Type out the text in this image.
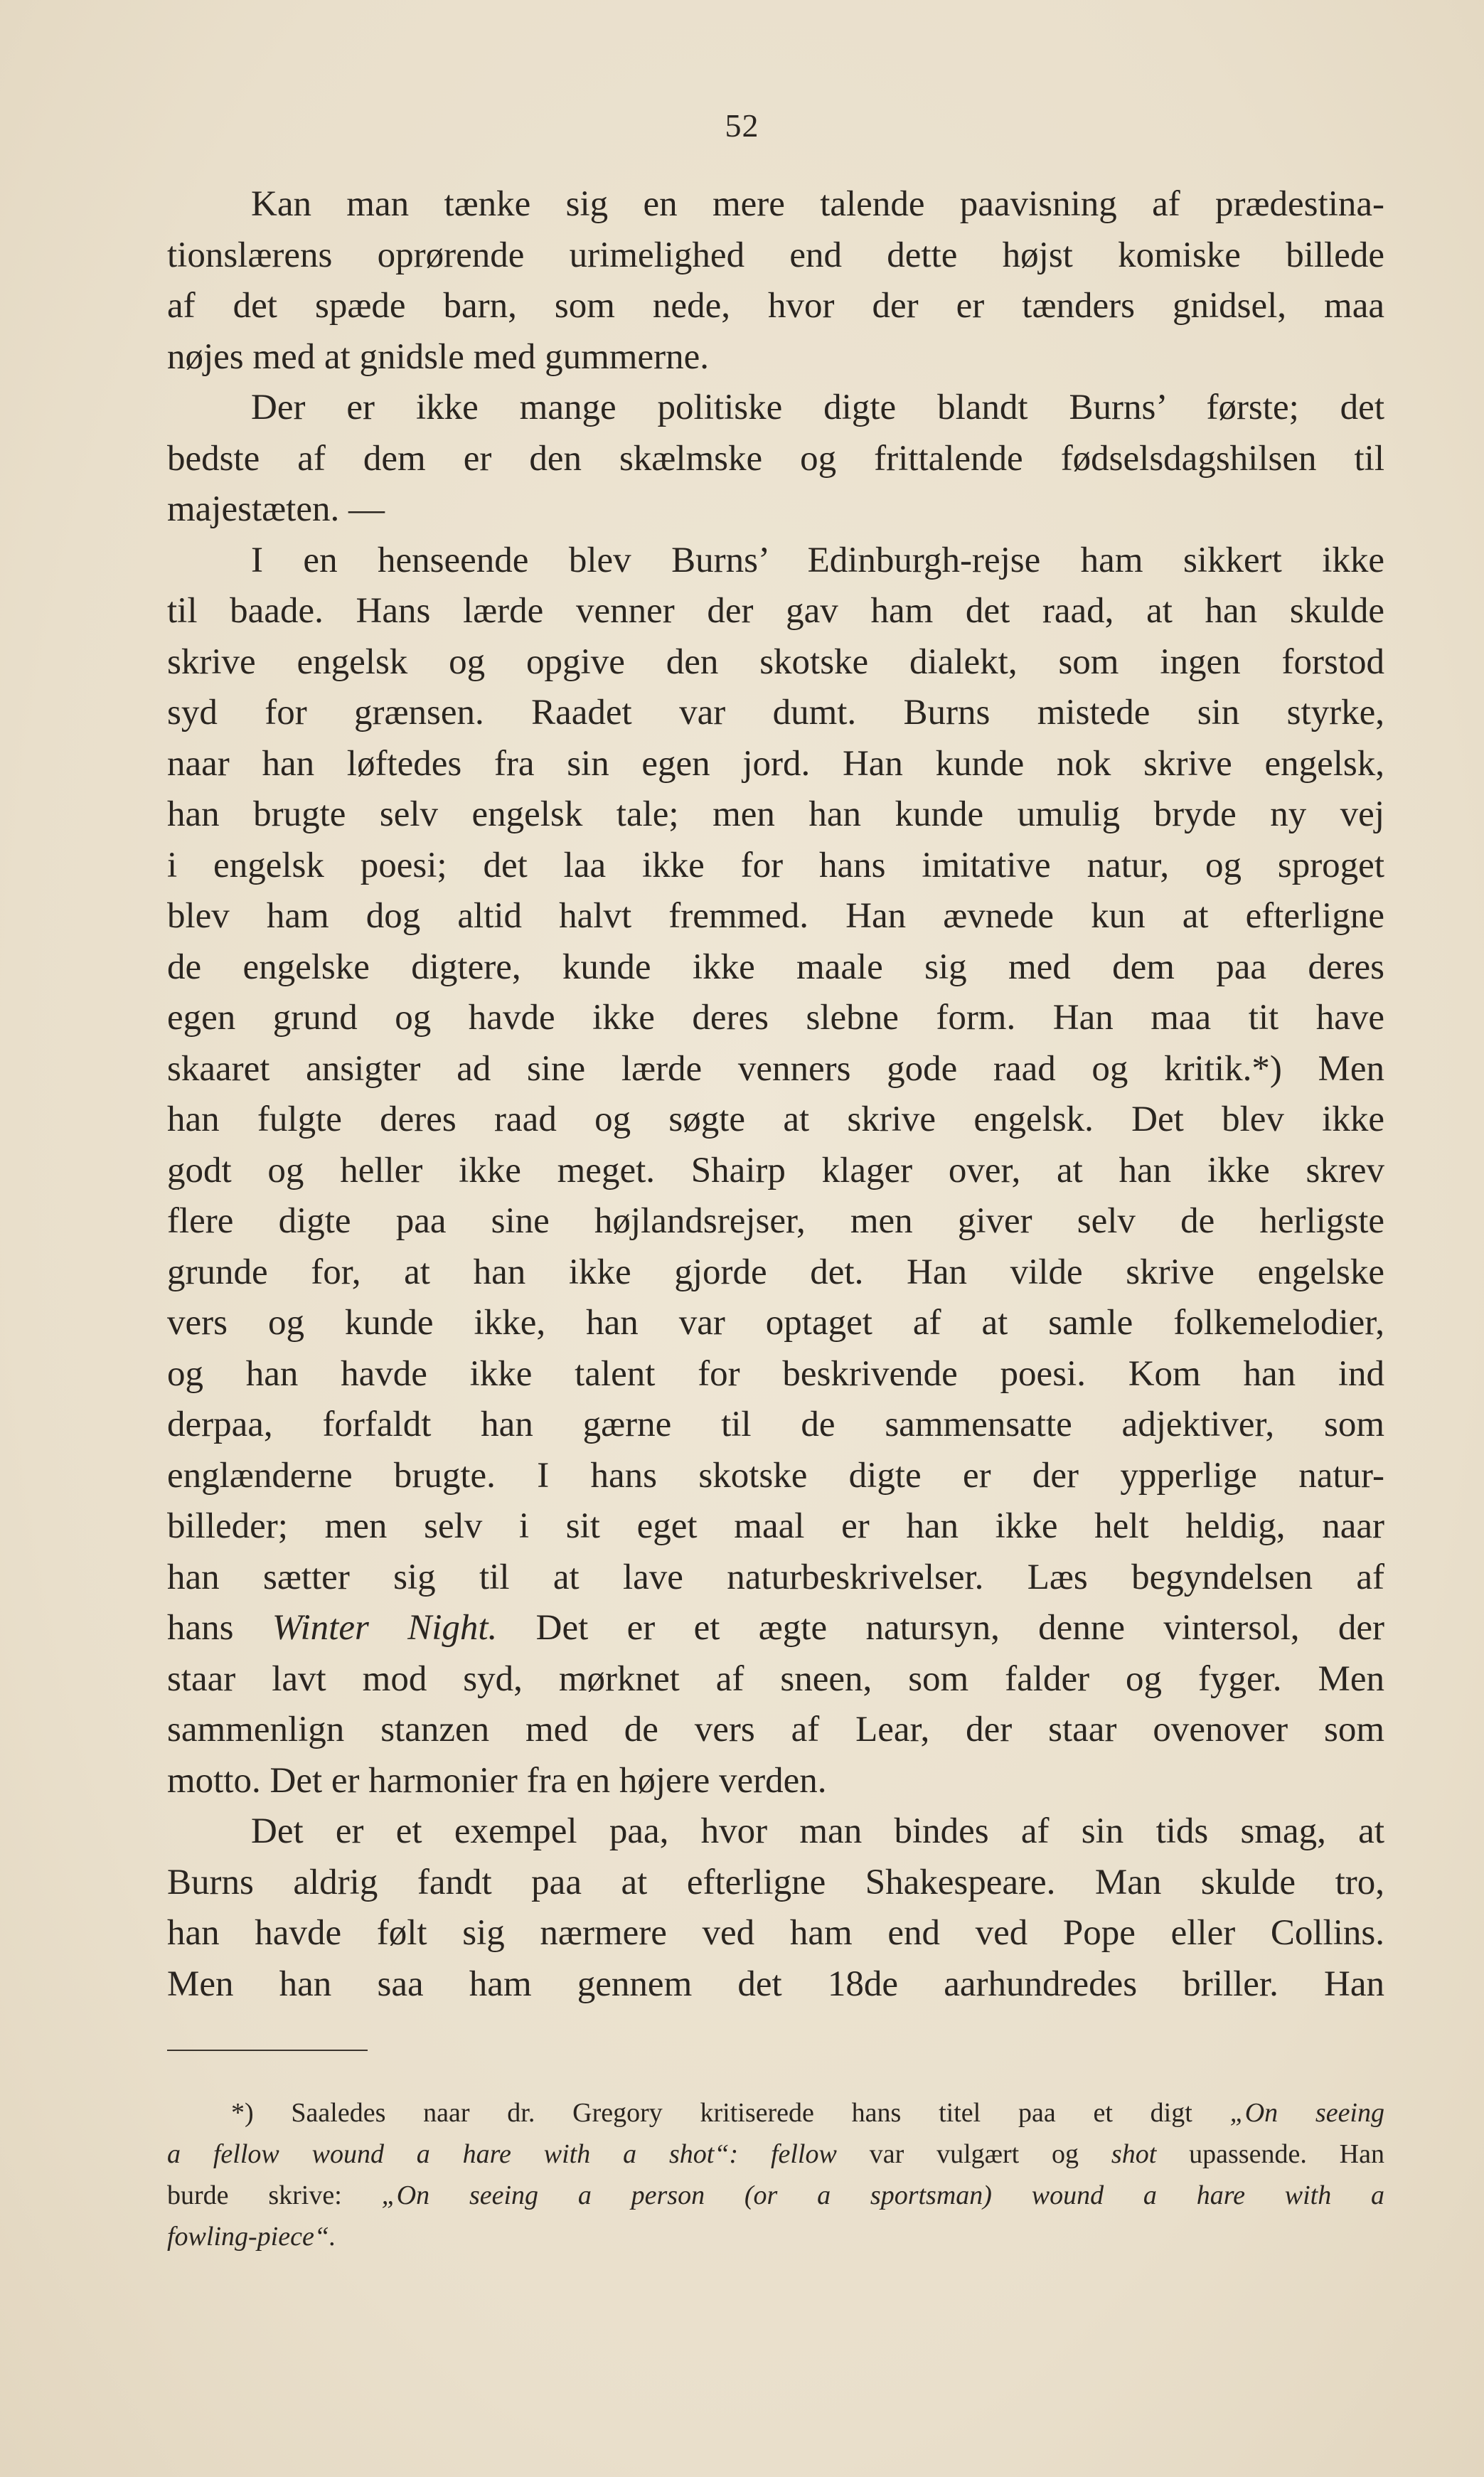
52
Kan man tænke sig en mere talende paavisning af prædestina-
tionslærens oprørende urimelighed end dette højst komiske billede
af det spæde barn, som nede, hvor der er tænders gnidsel, maa
nøjes med at gnidsle med gummerne.
Der er ikke mange politiske digte blandt Burns’ første; det
bedste af dem er den skælmske og frittalende fødselsdagshilsen til
majestæten. —
I en henseende blev Burns’ Edinburgh-rejse ham sikkert ikke
til baade. Hans lærde venner der gav ham det raad, at han skulde
skrive engelsk og opgive den skotske dialekt, som ingen forstod
syd for grænsen. Raadet var dumt. Burns mistede sin styrke,
naar han løftedes fra sin egen jord. Han kunde nok skrive engelsk,
han brugte selv engelsk tale; men han kunde umulig bryde ny vej
i engelsk poesi; det laa ikke for hans imitative natur, og sproget
blev ham dog altid halvt fremmed. Han ævnede kun at efterligne
de engelske digtere, kunde ikke maale sig med dem paa deres
egen grund og havde ikke deres slebne form. Han maa tit have
skaaret ansigter ad sine lærde venners gode raad og kritik.*) Men
han fulgte deres raad og søgte at skrive engelsk. Det blev ikke
godt og heller ikke meget. Shairp klager over, at han ikke skrev
flere digte paa sine højlandsrejser, men giver selv de herligste
grunde for, at han ikke gjorde det. Han vilde skrive engelske
vers og kunde ikke, han var optaget af at samle folkemelodier,
og han havde ikke talent for beskrivende poesi. Kom han ind
derpaa, forfaldt han gærne til de sammensatte adjektiver, som
englænderne brugte. I hans skotske digte er der ypperlige natur-
billeder; men selv i sit eget maal er han ikke helt heldig, naar
han sætter sig til at lave naturbeskrivelser. Læs begyndelsen af
hans Winter Night. Det er et ægte natursyn, denne vintersol, der
staar lavt mod syd, mørknet af sneen, som falder og fyger. Men
sammenlign stanzen med de vers af Lear, der staar ovenover som
motto. Det er harmonier fra en højere verden.
Det er et exempel paa, hvor man bindes af sin tids smag, at
Burns aldrig fandt paa at efterligne Shakespeare. Man skulde tro,
han havde følt sig nærmere ved ham end ved Pope eller Collins.
Men han saa ham gennem det 18de aarhundredes briller. Han
*) Saaledes naar dr. Gregory kritiserede hans titel paa et digt „On seeing
a fellow wound a hare with a shot“: fellow var vulgært og shot upassende. Han
burde skrive: „On seeing a person (or a sportsman) wound a hare with a
fowling-piece“.
